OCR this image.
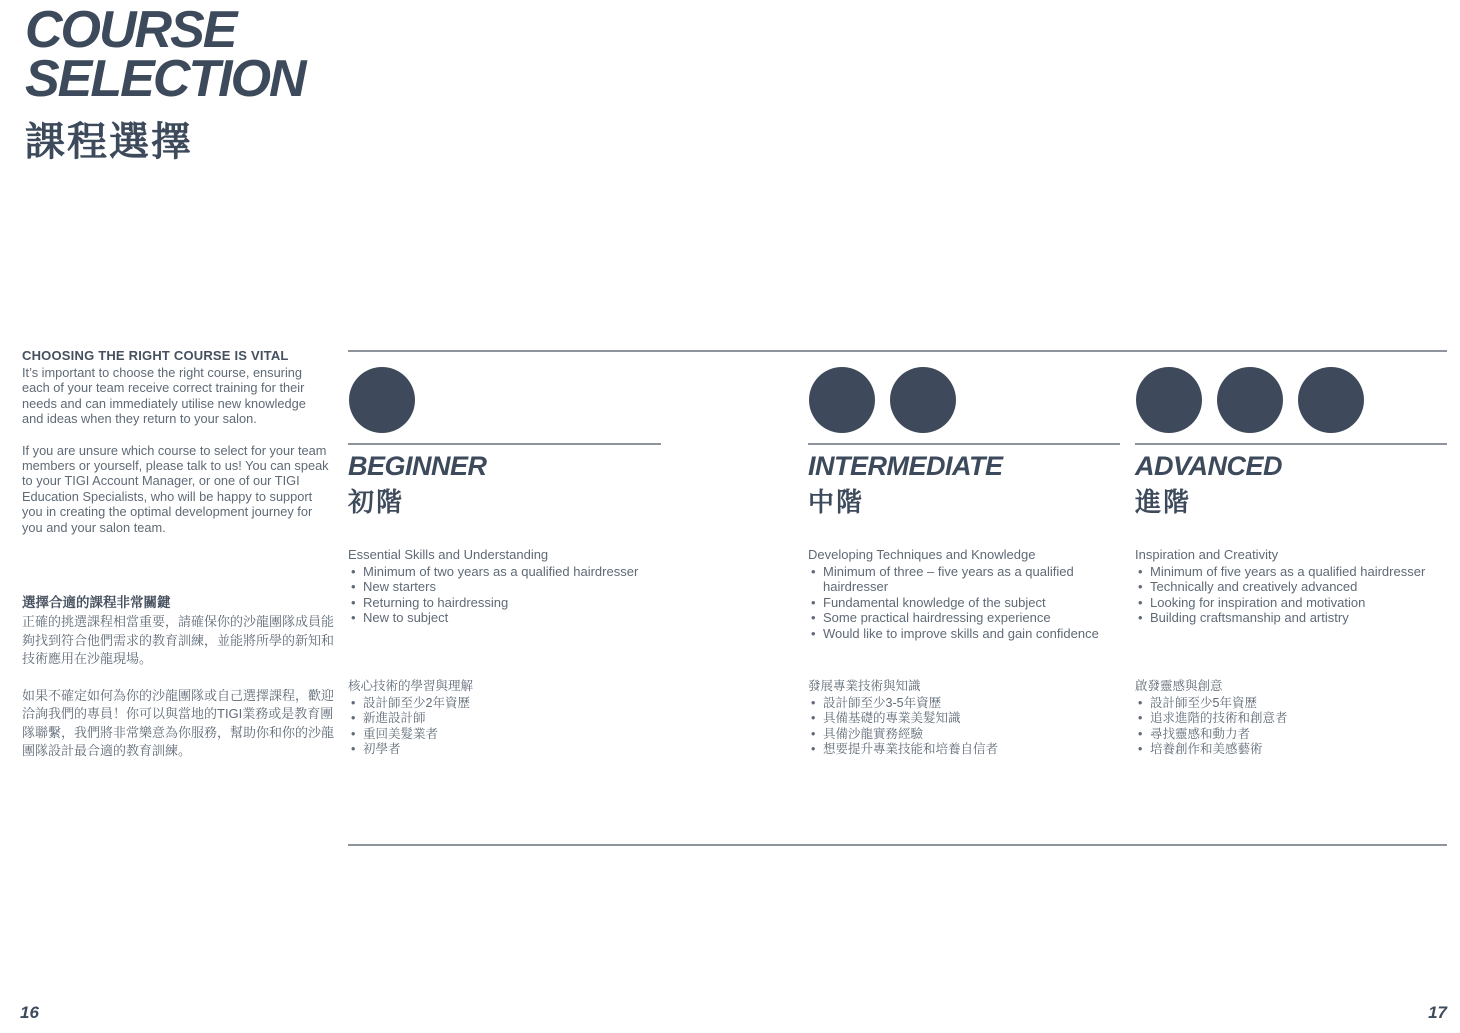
COURSE
SELECTION
課程選擇
CHOOSING THE RIGHT COURSE IS VITAL

It’s important to choose the right course, ensuring each of your team receive correct training for their needs and can immediately utilise new knowledge and ideas when they return to your salon.

If you are unsure which course to select for your team members or yourself, please talk to us! You can speak to your TIGI Account Manager, or one of our TIGI Education Specialists, who will be happy to support you in creating the optimal development journey for you and your salon team.

選擇合適的課程非常關鍵

正確的挑選課程相當重要，請確保你的沙龍團隊成員能夠找到符合他們需求的教育訓練，並能將所學的新知和技術應用在沙龍現場。

如果不確定如何為你的沙龍團隊或自己選擇課程，歡迎洽詢我們的專員！你可以與當地的TIGI業務或是教育團隊聯繫，我們將非常樂意為你服務，幫助你和你的沙龍團隊設計最合適的教育訓練。

BEGINNER
初階

Essential Skills and Understanding

• Minimum of two years as a qualified hairdresser
• New starters
• Returning to hairdressing
• New to subject

核心技術的學習與理解

• 設計師至少2年資歷
• 新進設計師
• 重回美髮業者
• 初學者
INTERMEDIATE
中階

Developing Techniques and Knowledge

• Minimum of three – five years as a qualified hairdresser
• Fundamental knowledge of the subject
• Some practical hairdressing experience
• Would like to improve skills and gain confidence

發展專業技術與知識

• 設計師至少3-5年資歷
• 具備基礎的專業美髮知識
• 具備沙龍實務經驗
• 想要提升專業技能和培養自信者
ADVANCED
進階

Inspiration and Creativity

• Minimum of five years as a qualified hairdresser
• Technically and creatively advanced
• Looking for inspiration and motivation
• Building craftsmanship and artistry

啟發靈感與創意

• 設計師至少5年資歷
• 追求進階的技術和創意者
• 尋找靈感和動力者
• 培養創作和美感藝術
16	17
